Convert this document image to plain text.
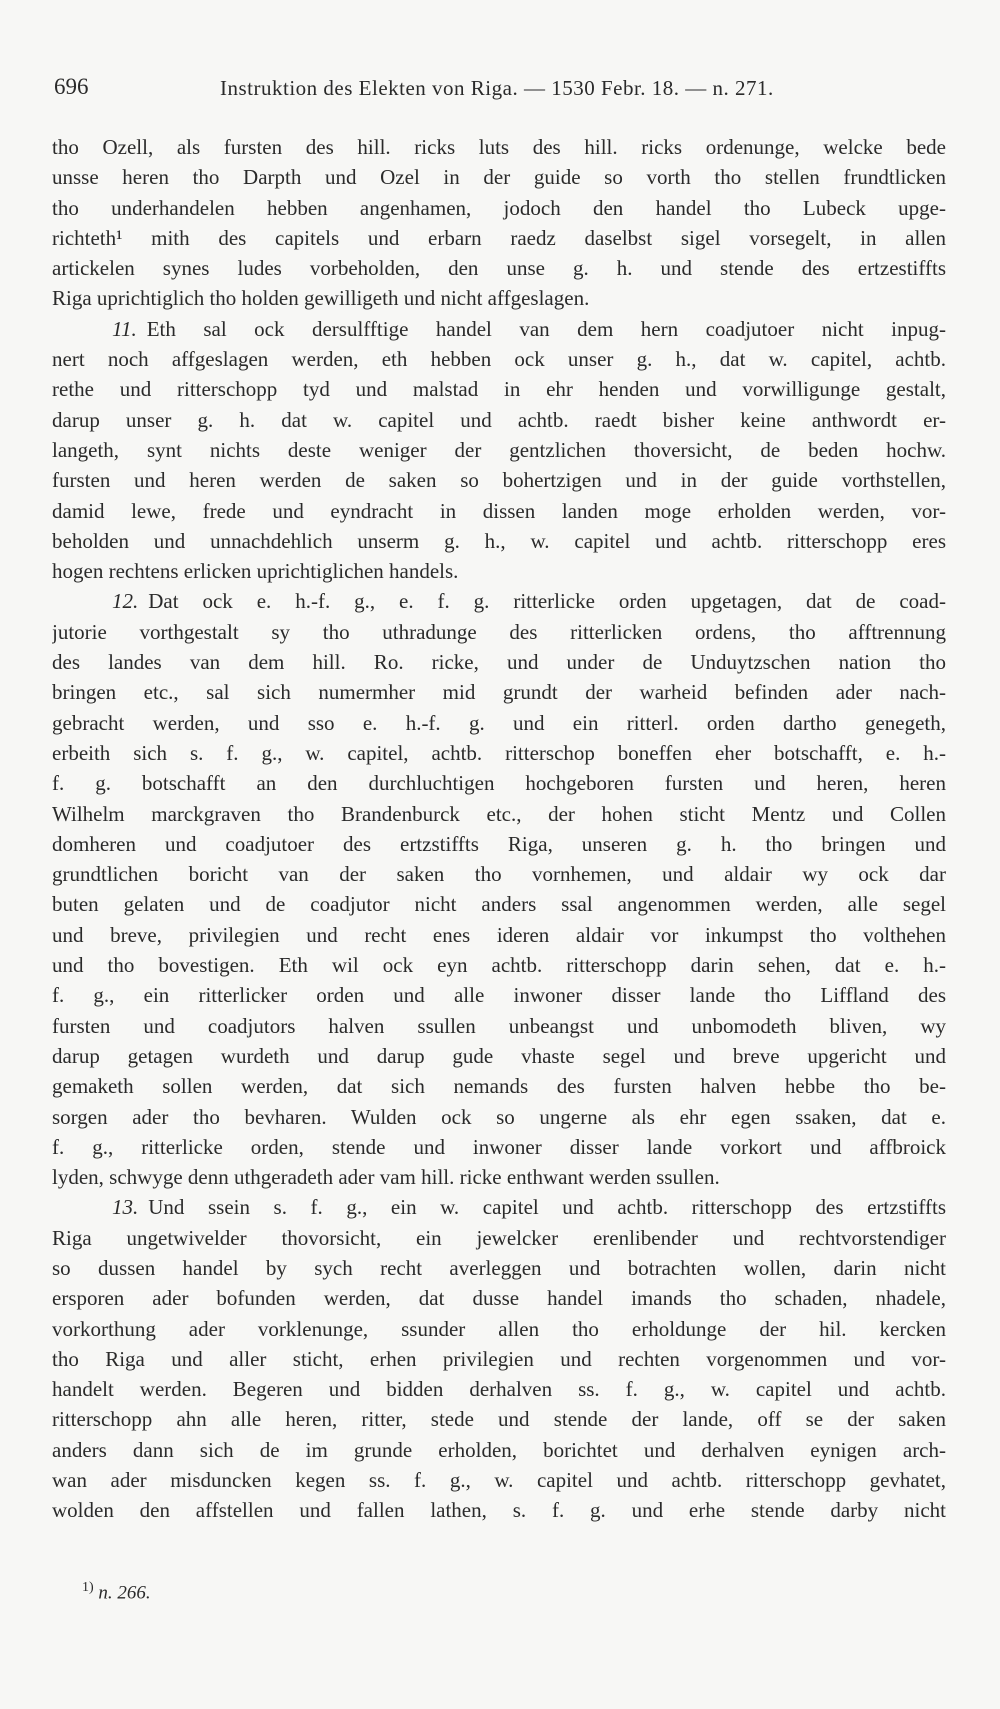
696	Instruktion des Elekten von Riga. — 1530 Febr. 18. — n. 271.
tho Ozell, als fursten des hill. ricks luts des hill. ricks ordenunge, welcke bede
unsse heren tho Darpth und Ozel in der guide so vorth tho stellen frundtlicken
tho underhandelen hebben angenhamen, jodoch den handel tho Lubeck upge-
richteth¹ mith des capitels und erbarn raedz daselbst sigel vorsegelt, in allen
artickelen synes ludes vorbeholden, den unse g. h. und stende des ertzestiffts
Riga uprichtiglich tho holden gewilligeth und nicht affgeslagen.
11. Eth sal ock dersulfftige handel van dem hern coadjutoer nicht inpug-
nert noch affgeslagen werden, eth hebben ock unser g. h., dat w. capitel, achtb.
rethe und ritterschopp tyd und malstad in ehr henden und vorwilligunge gestalt,
darup unser g. h. dat w. capitel und achtb. raedt bisher keine anthwordt er-
langeth, synt nichts deste weniger der gentzlichen thoversicht, de beden hochw.
fursten und heren werden de saken so bohertzigen und in der guide vorthstellen,
damid lewe, frede und eyndracht in dissen landen moge erholden werden, vor-
beholden und unnachdehlich unserm g. h., w. capitel und achtb. ritterschopp eres
hogen rechtens erlicken uprichtiglichen handels.
12. Dat ock e. h.-f. g., e. f. g. ritterlicke orden upgetagen, dat de coad-
jutorie vorthgestalt sy tho uthradunge des ritterlicken ordens, tho afftrennung
des landes van dem hill. Ro. ricke, und under de Unduytzschen nation tho
bringen etc., sal sich numermher mid grundt der warheid befinden ader nach-
gebracht werden, und sso e. h.-f. g. und ein ritterl. orden dartho genegeth,
erbeith sich s. f. g., w. capitel, achtb. ritterschop boneffen eher botschafft, e. h.-
f. g. botschafft an den durchluchtigen hochgeboren fursten und heren, heren
Wilhelm marckgraven tho Brandenburck etc., der hohen sticht Mentz und Collen
domheren und coadjutoer des ertzstiffts Riga, unseren g. h. tho bringen und
grundtlichen boricht van der saken tho vornhemen, und aldair wy ock dar
buten gelaten und de coadjutor nicht anders ssal angenommen werden, alle segel
und breve, privilegien und recht enes ideren aldair vor inkumpst tho volthehen
und tho bovestigen. Eth wil ock eyn achtb. ritterschopp darin sehen, dat e. h.-
f. g., ein ritterlicker orden und alle inwoner disser lande tho Liffland des
fursten und coadjutors halven ssullen unbeangst und unbomodeth bliven, wy
darup getagen wurdeth und darup gude vhaste segel und breve upgericht und
gemaketh sollen werden, dat sich nemands des fursten halven hebbe tho be-
sorgen ader tho bevharen. Wulden ock so ungerne als ehr egen ssaken, dat e.
f. g., ritterlicke orden, stende und inwoner disser lande vorkort und affbroick
lyden, schwyge denn uthgeradeth ader vam hill. ricke enthwant werden ssullen.
13. Und ssein s. f. g., ein w. capitel und achtb. ritterschopp des ertzstiffts
Riga ungetwivelder thovorsicht, ein jewelcker erenlibender und rechtvorstendiger
so dussen handel by sych recht averleggen und botrachten wollen, darin nicht
ersporen ader bofunden werden, dat dusse handel imands tho schaden, nhadele,
vorkorthung ader vorklenunge, ssunder allen tho erholdunge der hil. kercken
tho Riga und aller sticht, erhen privilegien und rechten vorgenommen und vor-
handelt werden. Begeren und bidden derhalven ss. f. g., w. capitel und achtb.
ritterschopp ahn alle heren, ritter, stede und stende der lande, off se der saken
anders dann sich de im grunde erholden, borichtet und derhalven eynigen arch-
wan ader misduncken kegen ss. f. g., w. capitel und achtb. ritterschopp gevhatet,
wolden den affstellen und fallen lathen, s. f. g. und erhe stende darby nicht
$^{1)}$ n. 266.
